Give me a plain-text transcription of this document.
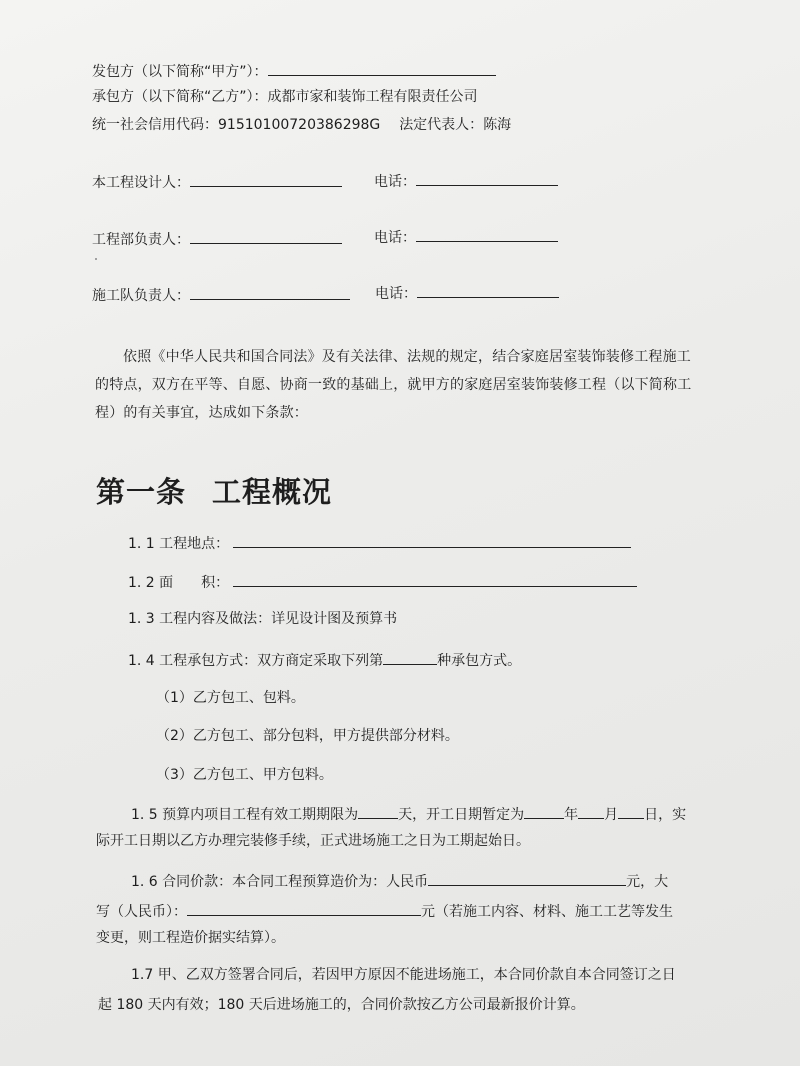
发包方（以下简称“甲方”）：
承包方（以下简称“乙方”）：成都市家和装饰工程有限责任公司
统一社会信用代码：91510100720386298G 法定代表人：陈海
本工程设计人：	电话：
工程部负责人：	电话：
施工队负责人：	电话：
依照《中华人民共和国合同法》及有关法律、法规的规定，结合家庭居室装饰装修工程施工的特点，双方在平等、自愿、协商一致的基础上，就甲方的家庭居室装饰装修工程（以下简称工程）的有关事宜，达成如下条款：
第一条 工程概况
1. 1 工程地点：
1. 2 面　　积：
1. 3 工程内容及做法：详见设计图及预算书
1. 4 工程承包方式：双方商定采取下列第	种承包方式。
（1）乙方包工、包料。
（2）乙方包工、部分包料，甲方提供部分材料。
（3）乙方包工、甲方包料。
1. 5 预算内项目工程有效工期期限为	天，开工日期暂定为	年 月 日，实
际开工日期以乙方办理完装修手续，正式进场施工之日为工期起始日。
1. 6 合同价款：本合同工程预算造价为：人民币	元，大
写（人民币）：	元（若施工内容、材料、施工工艺等发生
变更，则工程造价据实结算）。
1.7 甲、乙双方签署合同后，若因甲方原因不能进场施工，本合同价款自本合同签订之日
起 180 天内有效；180 天后进场施工的，合同价款按乙方公司最新报价计算。
